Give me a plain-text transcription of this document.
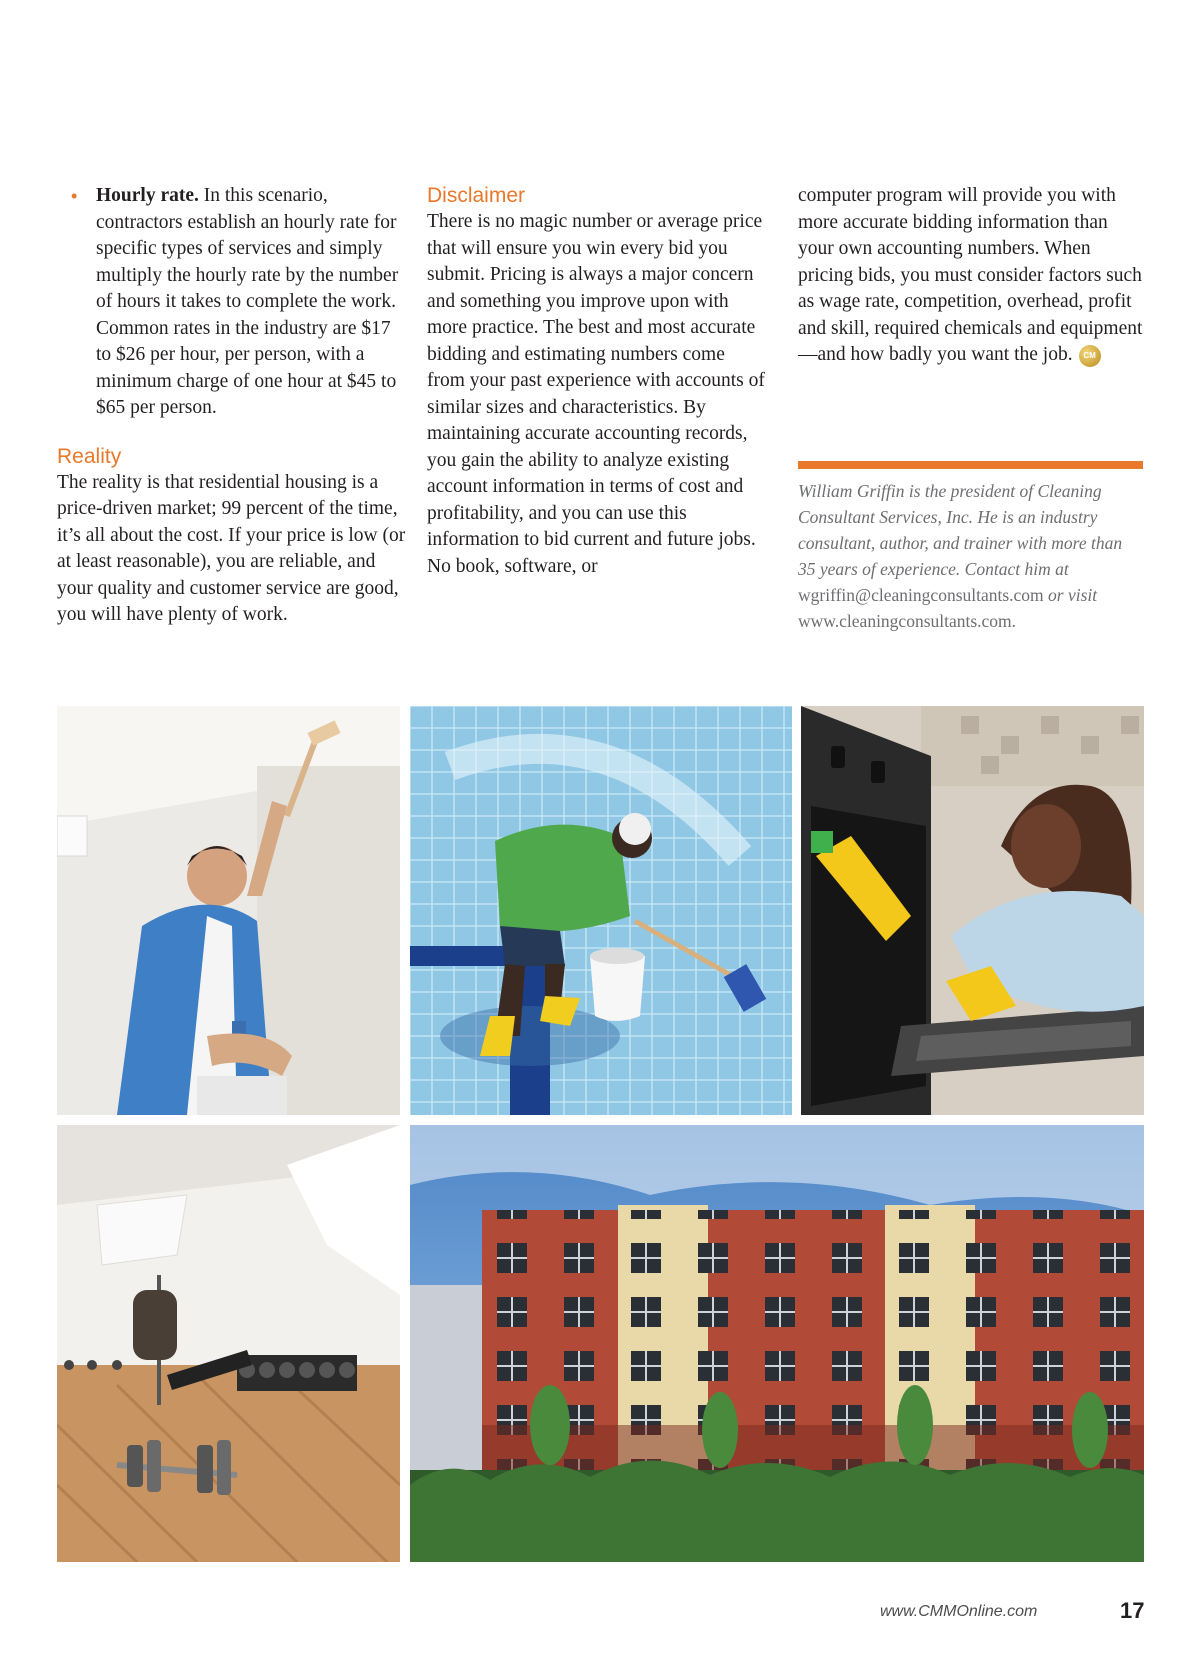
• Hourly rate. In this scenario, contractors establish an hourly rate for specific types of services and simply multiply the hourly rate by the number of hours it takes to complete the work. Common rates in the industry are $17 to $26 per hour, per person, with a minimum charge of one hour at $45 to $65 per person.

Reality

The reality is that residential housing is a price-driven market; 99 percent of the time, it’s all about the cost. If your price is low (or at least reasonable), you are reliable, and your quality and customer service are good, you will have plenty of work.

Disclaimer

There is no magic number or average price that will ensure you win every bid you submit. Pricing is always a major concern and something you improve upon with more practice. The best and most accurate bidding and estimating numbers come from your past experience with accounts of similar sizes and characteristics. By maintaining accurate accounting records, you gain the ability to analyze existing account information in terms of cost and profitability, and you can use this information to bid current and future jobs. No book, software, or

computer program will provide you with more accurate bidding information than your own accounting numbers. When pricing bids, you must consider factors such as wage rate, competition, overhead, profit and skill, required chemicals and equipment—and how badly you want the job. CM

William Griffin is the president of Cleaning Consultant Services, Inc. He is an industry consultant, author, and trainer with more than 35 years of experience. Contact him at wgriffin@cleaningconsultants.com or visit www.cleaningconsultants.com.
www.CMMOnline.com	17
